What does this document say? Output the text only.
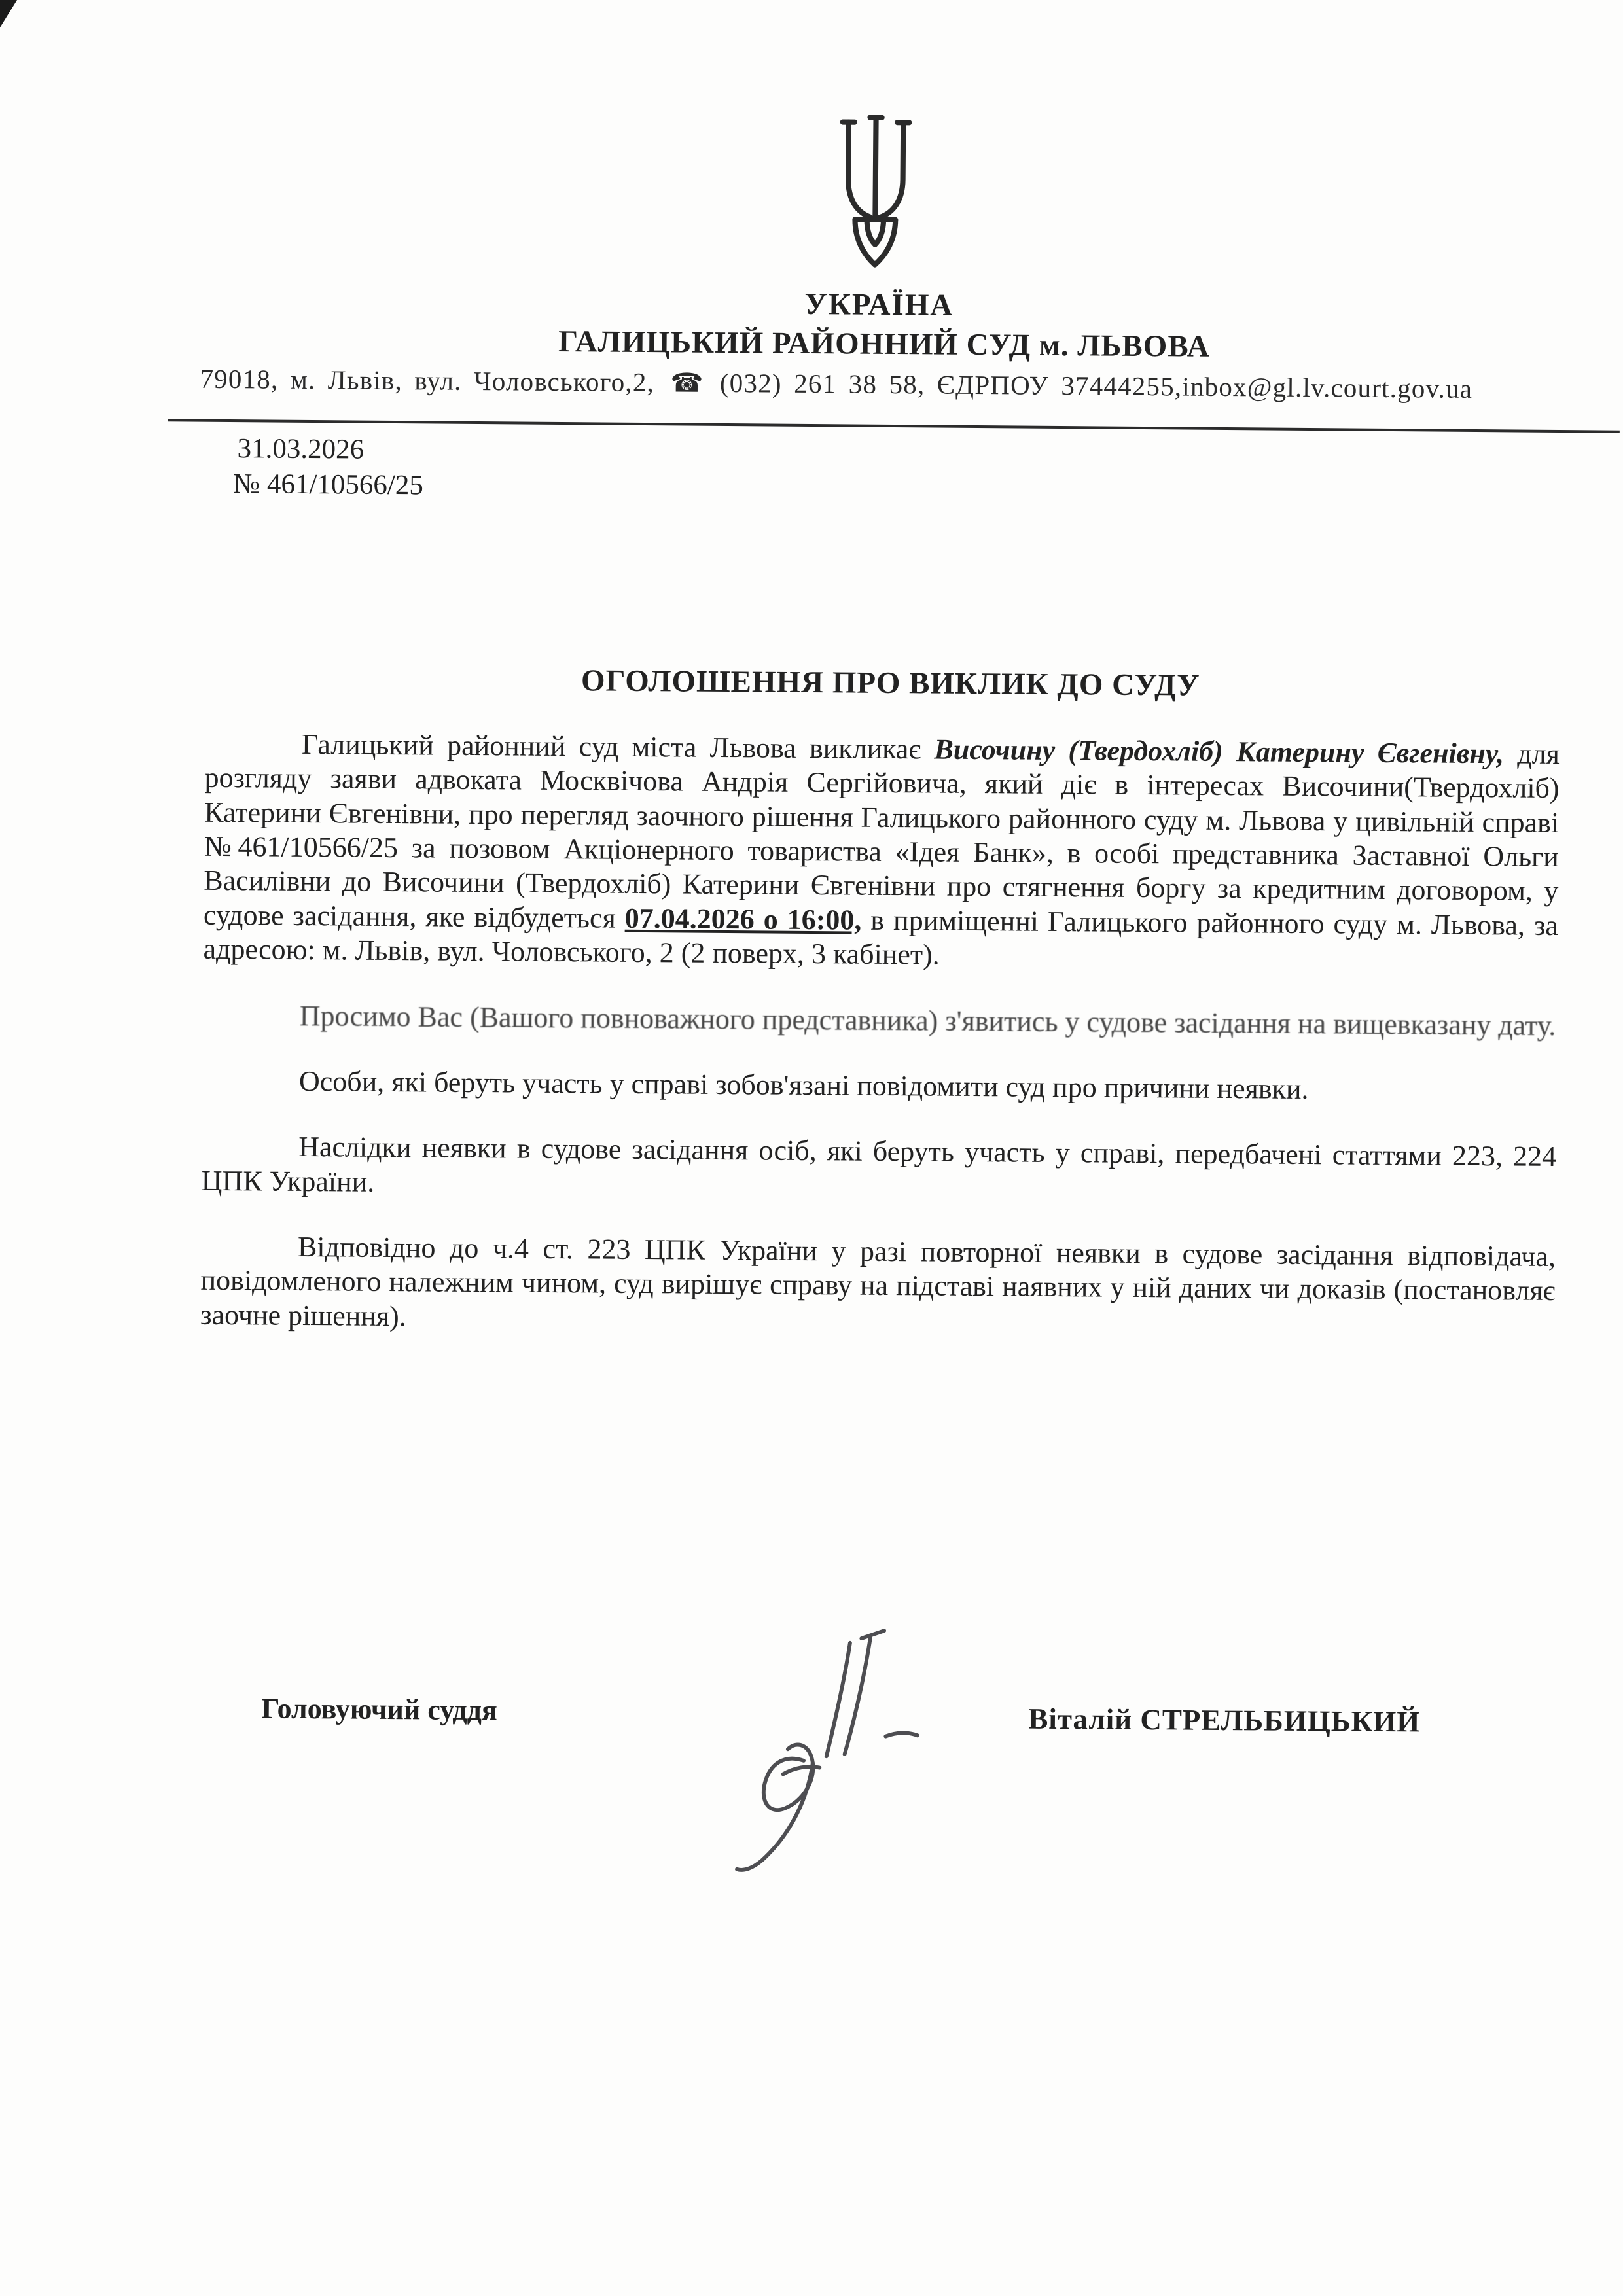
УКРАЇНА
ГАЛИЦЬКИЙ РАЙОННИЙ СУД м. ЛЬВОВА
79018, м. Львів, вул. Чоловського,2, ☎ (032) 261 38 58, ЄДРПОУ 37444255,inbox@gl.lv.court.gov.ua
31.03.2026
№ 461/10566/25
ОГОЛОШЕННЯ ПРО ВИКЛИК ДО СУДУ

Галицький районний суд міста Львова викликає Височину (Твердохліб) Катерину Євгенівну, для розгляду заяви адвоката Москвічова Андрія Сергійовича, який діє в інтересах Височини(Твердохліб) Катерини Євгенівни, про перегляд заочного рішення Галицького районного суду м. Львова у цивільній справі №461/10566/25 за позовом Акціонерного товариства «Ідея Банк», в особі представника Заставної Ольги Василівни до Височини (Твердохліб) Катерини Євгенівни про стягнення боргу за кредитним договором, у судове засідання, яке відбудеться 07.04.2026 о 16:00, в приміщенні Галицького районного суду м. Львова, за адресою: м. Львів, вул. Чоловського, 2 (2 поверх, 3 кабінет).

Просимо Вас (Вашого повноважного представника) з'явитись у судове засідання на вищевказану дату.

Особи, які беруть участь у справі зобов'язані повідомити суд про причини неявки.

Наслідки неявки в судове засідання осіб, які беруть участь у справі, передбачені статтями 223, 224 ЦПК України.

Відповідно до ч.4 ст. 223 ЦПК України у разі повторної неявки в судове засідання відповідача, повідомленого належним чином, суд вирішує справу на підставі наявних у ній даних чи доказів (постановляє заочне рішення).

Головуючий суддя	Віталій СТРЕЛЬБИЦЬКИЙ
